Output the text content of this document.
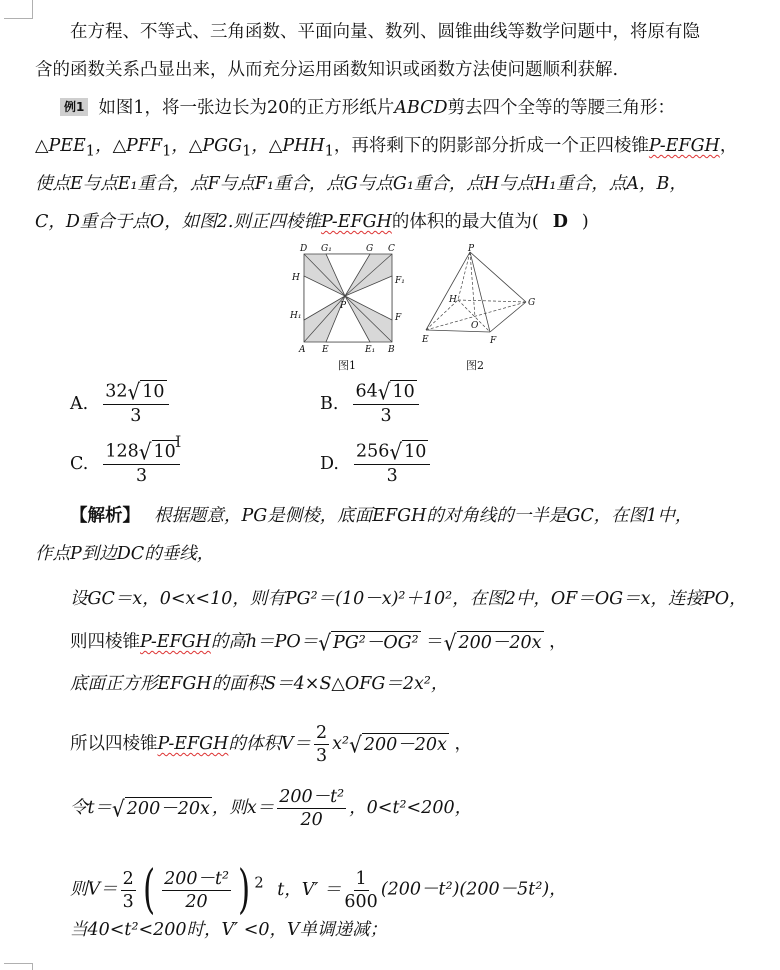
在方程、不等式、三角函数、平面向量、数列、圆锥曲线等数学问题中，将原有隐
含的函数关系凸显出来，从而充分运用函数知识或函数方法使问题顺利获解.
例1 如图1，将一张边长为20的正方形纸片ABCD剪去四个全等的等腰三角形：
$\triangle PEE_1$，$\triangle PFF_1$，$\triangle PGG_1$，$\triangle PHH_1$，再将剩下的阴影部分折成一个正四棱锥P-EFGH，
使点E与点E₁重合，点F与点F₁重合，点G与点G₁重合，点H与点H₁重合，点A，B，
C，D重合于点O，如图2.则正四棱锥P-EFGH的体积的最大值为( D )
D G₁	G C
H	F₁
P
H₁	F
A E	E₁ B
图1
P
H	G
O
E	F
图2
A. $\frac{32 √ 10}{3}$	B. $\frac{64 √ 10}{3}$
C. $\frac{128 √ 10}{3}$	D. $\frac{256 √ 10}{3}$
I
【解析】 根据题意，PG是侧棱，底面EFGH的对角线的一半是GC，在图1中，
作点P到边DC的垂线，
设GC＝x，0<x<10，则有PG²＝(10－x)²＋10²，在图2中，OF＝OG＝x，连接PO，
则四棱锥P-EFGH的高h＝PO＝ √ PG²－OG² ＝ √ 200－20x ，
底面正方形EFGH的面积S＝4×S△OFG＝2x²，
所以四棱锥P-EFGH的体积$V= \frac{2}{3} x^2$ √ 200－20x ，
令t＝ √ 200－20x ，则$x= \frac{\text{200－t²}}{20}$ ，0<t²<200，
则$V= \frac{2}{3}$ ( $\frac{\text{200－t²}}{20}$ ) $^2$ t，$V' = \frac{1}{600} (200-t^2)(200-5t^2)$，
当40<t²<200时，V′ <0，V单调递减；
